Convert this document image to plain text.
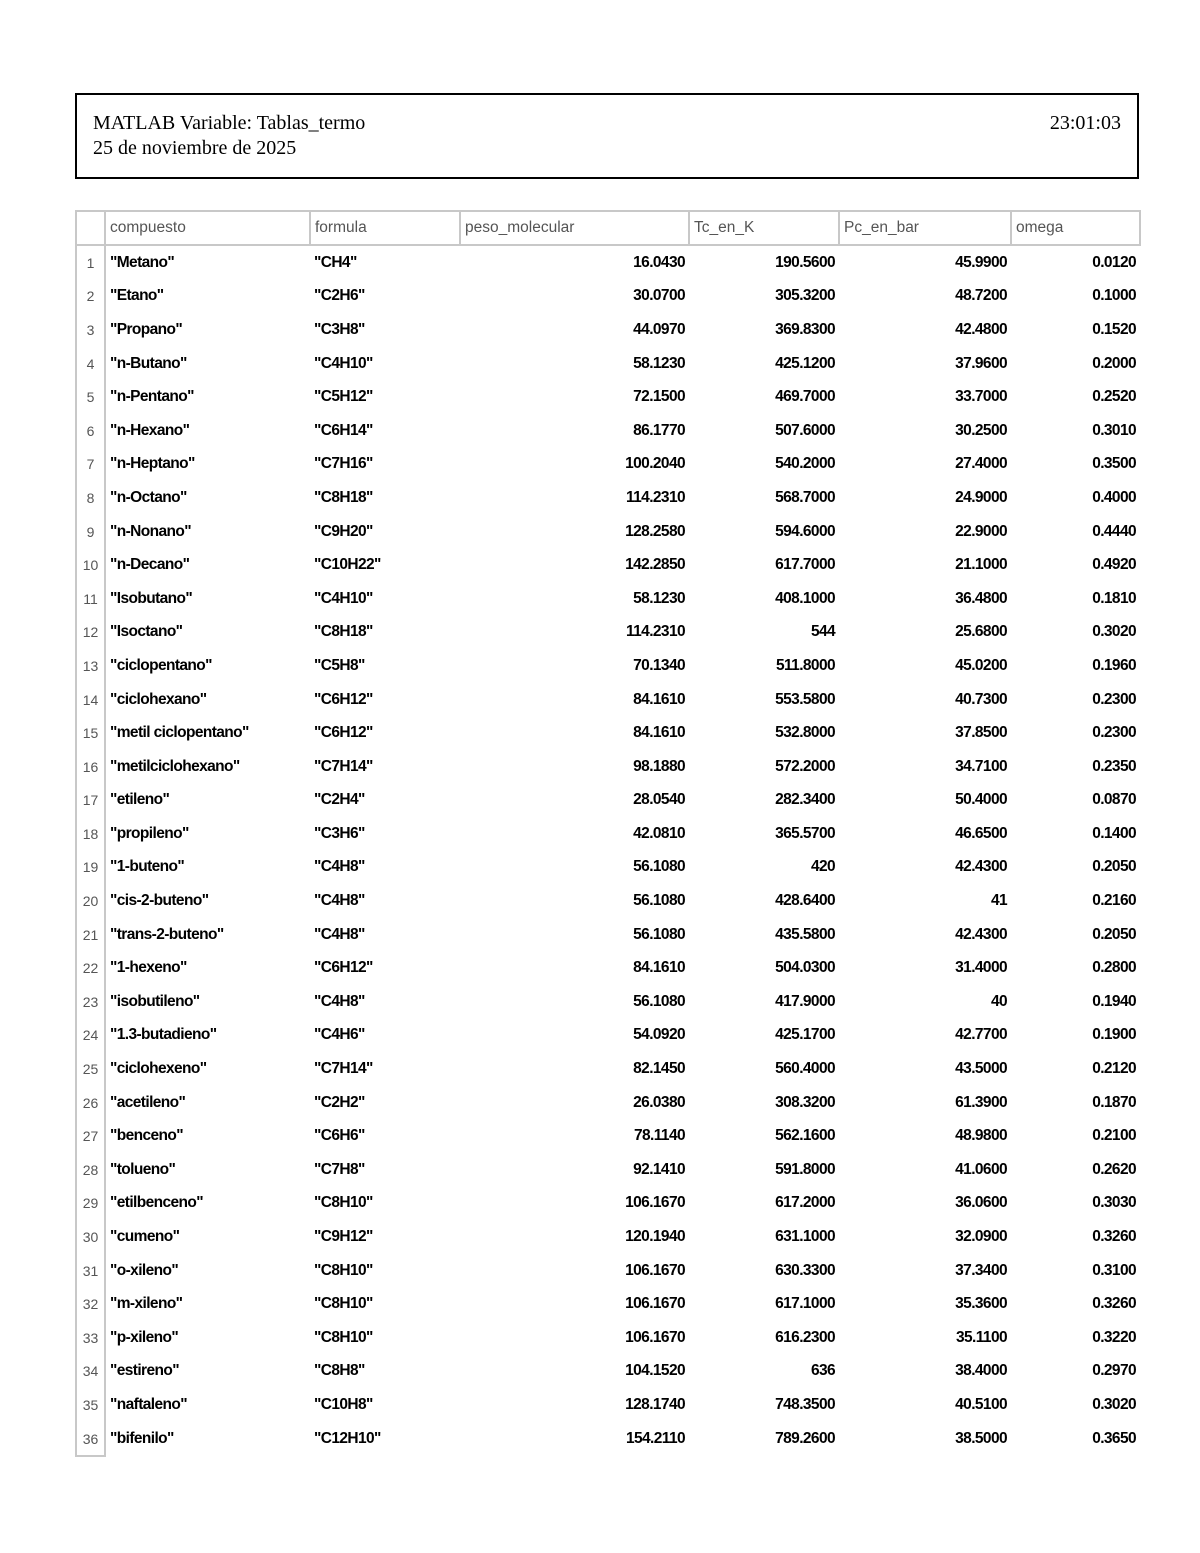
MATLAB Variable: Tablas_termo
25 de noviembre de 2025
23:01:03
	compuesto	formula	peso_molecular	Tc_en_K	Pc_en_bar	omega
1	"Metano"	"CH4"	16.0430	190.5600	45.9900	0.0120
2	"Etano"	"C2H6"	30.0700	305.3200	48.7200	0.1000
3	"Propano"	"C3H8"	44.0970	369.8300	42.4800	0.1520
4	"n-Butano"	"C4H10"	58.1230	425.1200	37.9600	0.2000
5	"n-Pentano"	"C5H12"	72.1500	469.7000	33.7000	0.2520
6	"n-Hexano"	"C6H14"	86.1770	507.6000	30.2500	0.3010
7	"n-Heptano"	"C7H16"	100.2040	540.2000	27.4000	0.3500
8	"n-Octano"	"C8H18"	114.2310	568.7000	24.9000	0.4000
9	"n-Nonano"	"C9H20"	128.2580	594.6000	22.9000	0.4440
10	"n-Decano"	"C10H22"	142.2850	617.7000	21.1000	0.4920
11	"Isobutano"	"C4H10"	58.1230	408.1000	36.4800	0.1810
12	"Isoctano"	"C8H18"	114.2310	544	25.6800	0.3020
13	"ciclopentano"	"C5H8"	70.1340	511.8000	45.0200	0.1960
14	"ciclohexano"	"C6H12"	84.1610	553.5800	40.7300	0.2300
15	"metil ciclopentano"	"C6H12"	84.1610	532.8000	37.8500	0.2300
16	"metilciclohexano"	"C7H14"	98.1880	572.2000	34.7100	0.2350
17	"etileno"	"C2H4"	28.0540	282.3400	50.4000	0.0870
18	"propileno"	"C3H6"	42.0810	365.5700	46.6500	0.1400
19	"1-buteno"	"C4H8"	56.1080	420	42.4300	0.2050
20	"cis-2-buteno"	"C4H8"	56.1080	428.6400	41	0.2160
21	"trans-2-buteno"	"C4H8"	56.1080	435.5800	42.4300	0.2050
22	"1-hexeno"	"C6H12"	84.1610	504.0300	31.4000	0.2800
23	"isobutileno"	"C4H8"	56.1080	417.9000	40	0.1940
24	"1.3-butadieno"	"C4H6"	54.0920	425.1700	42.7700	0.1900
25	"ciclohexeno"	"C7H14"	82.1450	560.4000	43.5000	0.2120
26	"acetileno"	"C2H2"	26.0380	308.3200	61.3900	0.1870
27	"benceno"	"C6H6"	78.1140	562.1600	48.9800	0.2100
28	"tolueno"	"C7H8"	92.1410	591.8000	41.0600	0.2620
29	"etilbenceno"	"C8H10"	106.1670	617.2000	36.0600	0.3030
30	"cumeno"	"C9H12"	120.1940	631.1000	32.0900	0.3260
31	"o-xileno"	"C8H10"	106.1670	630.3300	37.3400	0.3100
32	"m-xileno"	"C8H10"	106.1670	617.1000	35.3600	0.3260
33	"p-xileno"	"C8H10"	106.1670	616.2300	35.1100	0.3220
34	"estireno"	"C8H8"	104.1520	636	38.4000	0.2970
35	"naftaleno"	"C10H8"	128.1740	748.3500	40.5100	0.3020
36	"bifenilo"	"C12H10"	154.2110	789.2600	38.5000	0.3650
